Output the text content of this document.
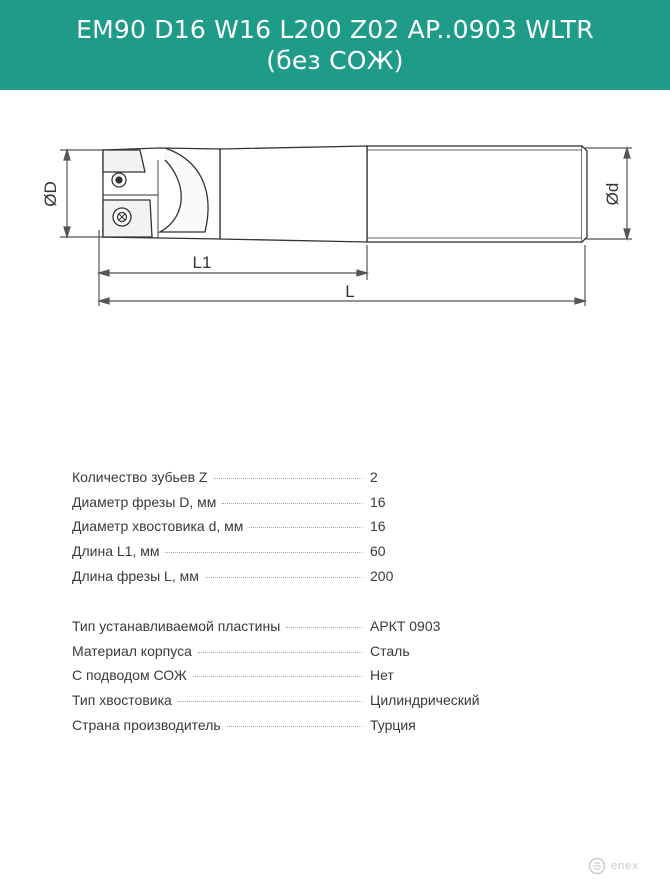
EM90 D16 W16 L200 Z02 AP..0903 WLTR
(без СОЖ)
ØD	Ød
L1
L
Количество зубьев Z	2
Диаметр фрезы D, мм	16
Диаметр хвостовика d, мм	16
Длина L1, мм	60
Длина фрезы L, мм	200
Тип устанавливаемой пластины	АРКТ 0903
Материал корпуса	Сталь
С подводом СОЖ	Нет
Тип хвостовика	Цилиндрический
Страна производитель	Турция
enex
